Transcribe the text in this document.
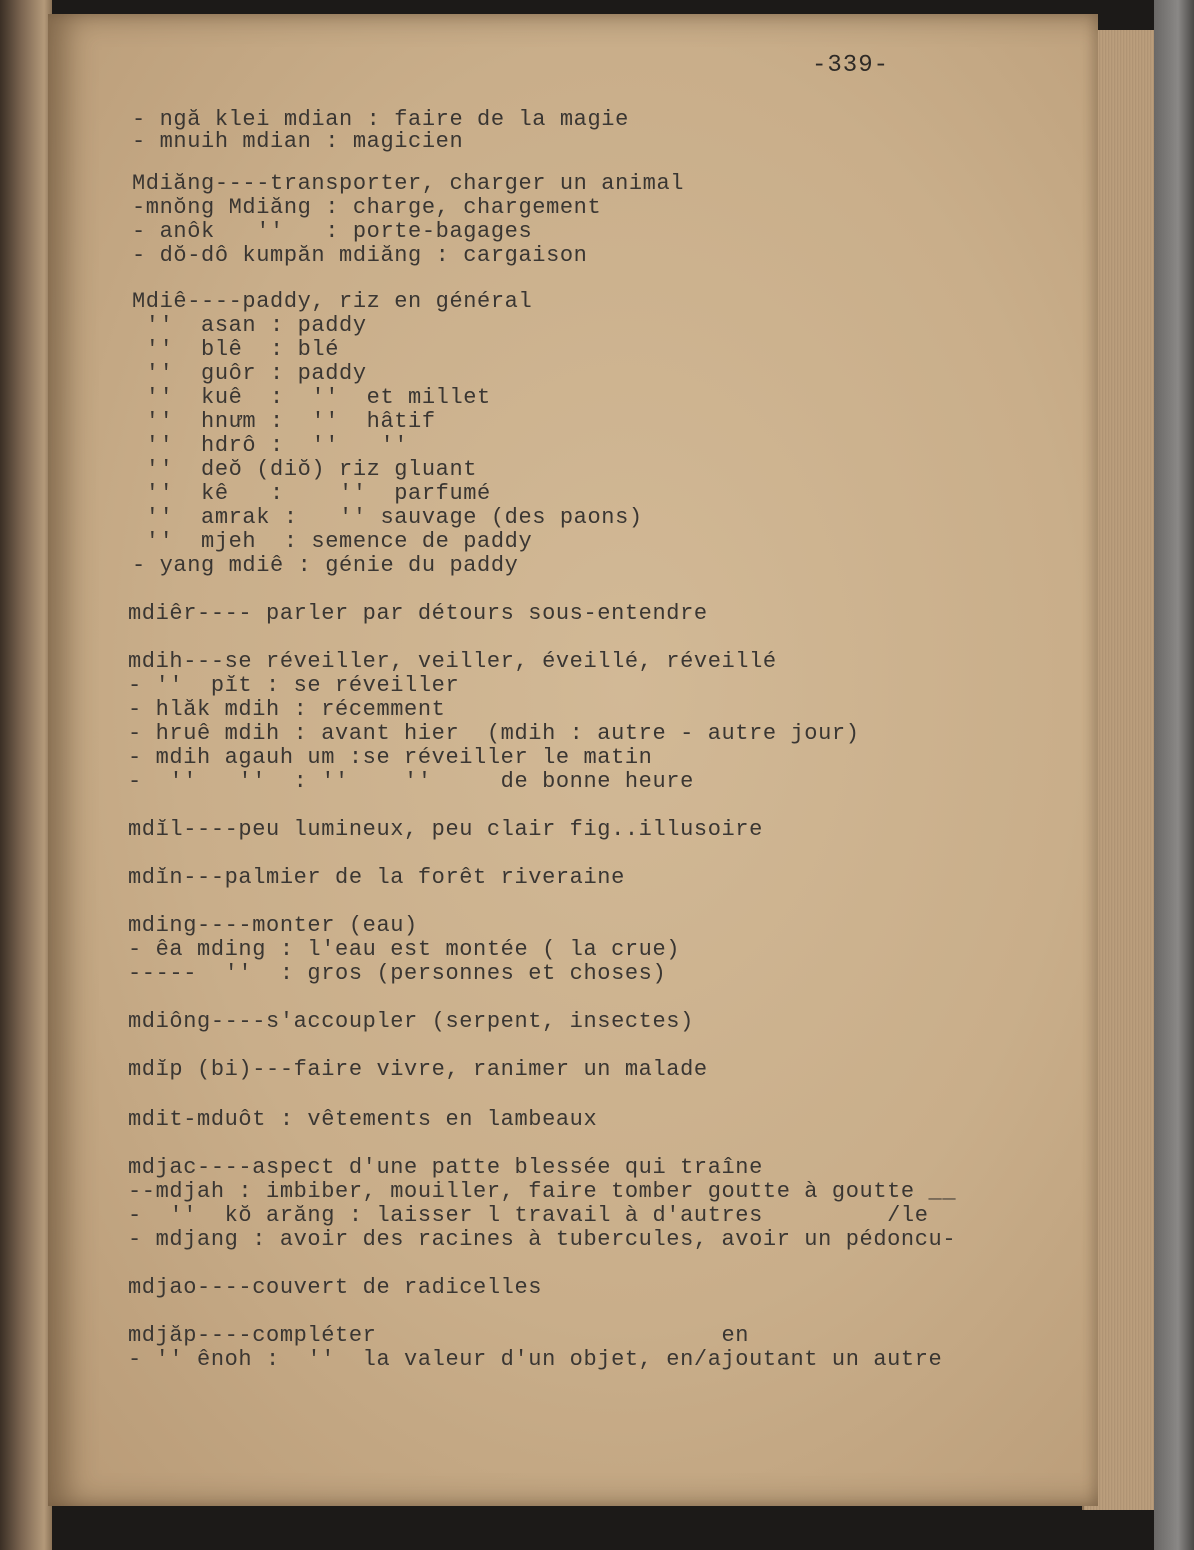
-339-
- ngă klei mdian : faire de la magie
- mnuih mdian : magicien
Mdiăng----transporter, charger un animal
-mnŏng Mdiăng : charge, chargement
- anôk   ''   : porte-bagages
- dŏ-dô kumpăn mdiăng : cargaison
Mdiê----paddy, riz en général
''  asan : paddy
''  blê  : blé
''  guôr : paddy
''  kuê  :  ''  et millet
''  hnưm :  ''  hâtif
''  hdrô :  ''   ''
''  deŏ (diŏ) riz gluant
''  kê   :    ''  parfumé
''  amrak :   '' sauvage (des paons)
''  mjeh  : semence de paddy
- yang mdiê : génie du paddy
mdiêr---- parler par détours sous-entendre
mdih---se réveiller, veiller, éveillé, réveillé
- ''  pĭt : se réveiller
- hlăk mdih : récemment
- hruê mdih : avant hier  (mdih : autre - autre jour)
- mdih agauh um :se réveiller le matin
-  ''   ''  : ''    ''     de bonne heure
mdĭl----peu lumineux, peu clair fig..illusoire
mdĭn---palmier de la forêt riveraine
mding----monter (eau)
- êa mding : l'eau est montée ( la crue)
-----  ''  : gros (personnes et choses)
mdiông----s'accoupler (serpent, insectes)
mdĭp (bi)---faire vivre, ranimer un malade
mdit-mduôt : vêtements en lambeaux
mdjac----aspect d'une patte blessée qui traîne
--mdjah : imbiber, mouiller, faire tomber goutte à goutte __
-  ''  kŏ arăng : laisser l travail à d'autres         /le
- mdjang : avoir des racines à tubercules, avoir un pédoncu-
mdjao----couvert de radicelles
mdjăp----compléter                         en
- '' ênoh :  ''  la valeur d'un objet, en/ajoutant un autre
